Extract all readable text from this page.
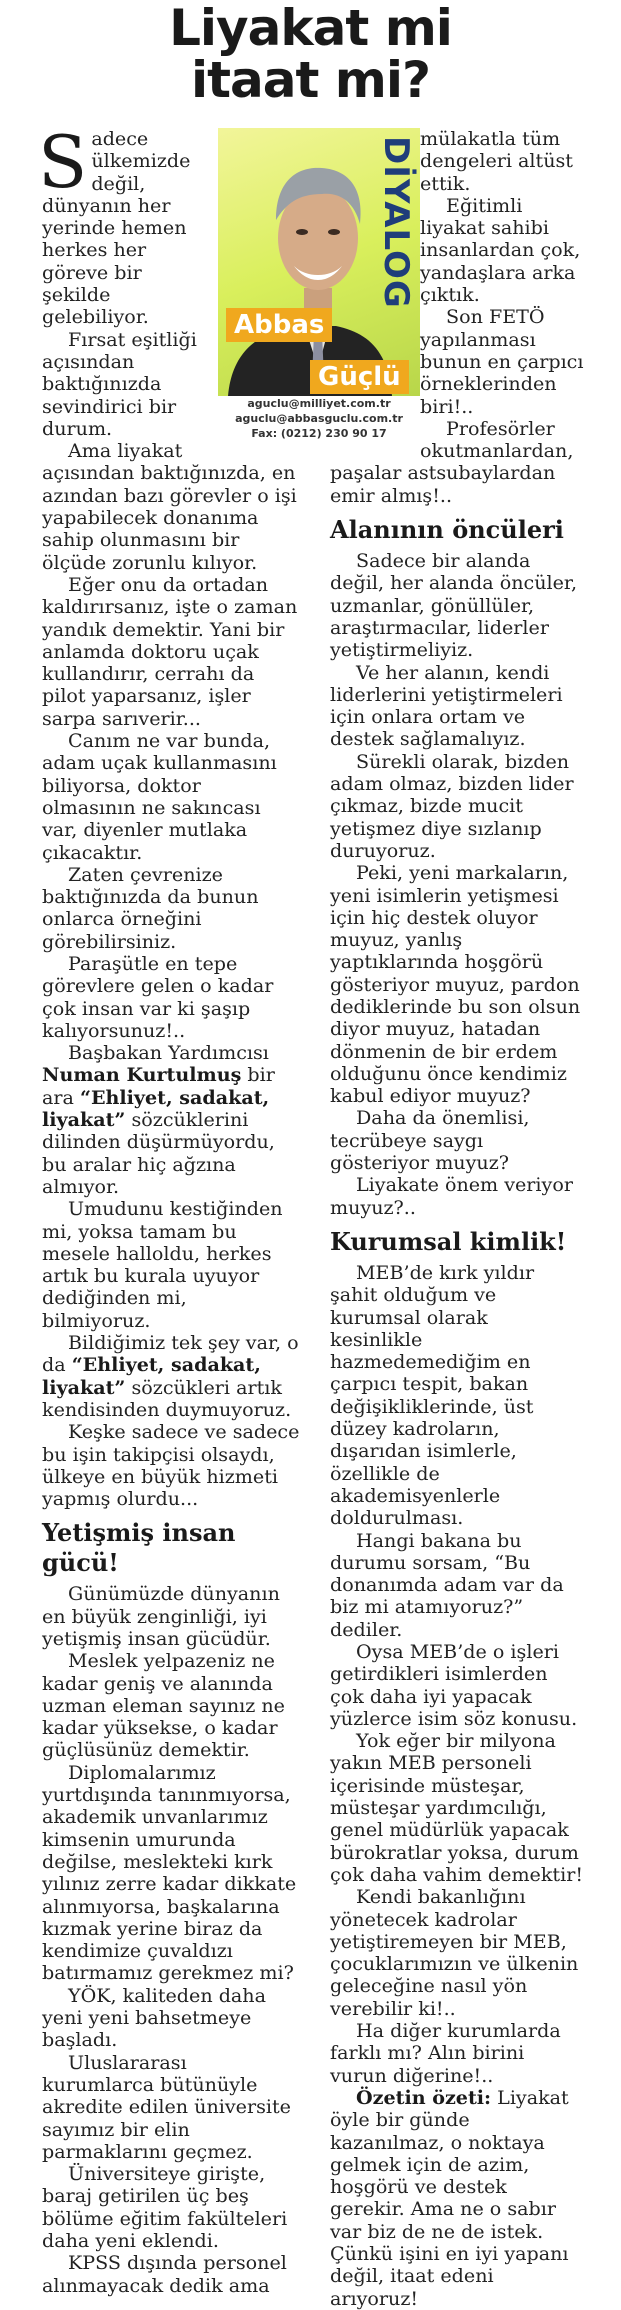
Liyakat mi
itaat mi?
DİYALOG
Abbas
Güçlü
aguclu@milliyet.com.tr
aguclu@abbasguclu.com.tr
Fax: (0212) 230 90 17

Sadece ülkemizde değil, dünyanın her yerinde hemen herkes her göreve bir şekilde gelebiliyor.

Fırsat eşitliği açısından baktığınızda sevindirici bir durum.

Ama liyakat açısından baktığınızda, en azından bazı görevler o işi yapabilecek donanıma sahip olunmasını bir ölçüde zorunlu kılıyor.

Eğer onu da ortadan kaldırırsanız, işte o zaman yandık demektir. Yani bir anlamda doktoru uçak kullandırır, cerrahı da pilot yaparsanız, işler sarpa sarıverir...

Canım ne var bunda, adam uçak kullanmasını biliyorsa, doktor olmasının ne sakıncası var, diyenler mutlaka çıkacaktır.

Zaten çevrenize baktığınızda da bunun onlarca örneğini görebilirsiniz.

Paraşütle en tepe görevlere gelen o kadar çok insan var ki şaşıp kalıyorsunuz!..

Başbakan Yardımcısı
Numan Kurtulmuş bir ara “Ehliyet, sadakat, liyakat” sözcüklerini dilinden düşürmüyordu, bu aralar hiç ağzına almıyor.

Umudunu kestiğinden mi, yoksa tamam bu mesele halloldu, herkes artık bu kurala uyuyor dediğinden mi, bilmiyoruz.

Bildiğimiz tek şey var, o da “Ehliyet, sadakat, liyakat” sözcükleri artık kendisinden duymuyoruz.

Keşke sadece ve sadece bu işin takipçisi olsaydı, ülkeye en büyük hizmeti yapmış olurdu...

Yetişmiş insan gücü!

Günümüzde dünyanın en büyük zenginliği, iyi yetişmiş insan gücüdür.

Meslek yelpazeniz ne kadar geniş ve alanında uzman eleman sayınız ne kadar yüksekse, o kadar güçlüsünüz demektir.

Diplomalarımız yurtdışında tanınmıyorsa, akademik unvanlarımız kimsenin umurunda değilse, meslekteki kırk yılınız zerre kadar dikkate alınmıyorsa, başkalarına kızmak yerine biraz da kendimize çuvaldızı batırmamız gerekmez mi?

YÖK, kaliteden daha yeni yeni bahsetmeye başladı.

Uluslararası kurumlarca bütünüyle akredite edilen üniversite sayımız bir elin parmaklarını geçmez.

Üniversiteye girişte, baraj getirilen üç beş bölüme eğitim fakülteleri daha yeni eklendi.

KPSS dışında personel alınmayacak dedik ama

mülakatla tüm dengeleri altüst ettik.

Eğitimli liyakat sahibi insanlardan çok, yandaşlara arka çıktık.

Son FETÖ yapılanması bunun en çarpıcı örneklerinden biri!..

Profesörler okutmanlardan, paşalar astsubaylardan emir almış!..

Alanının öncüleri

Sadece bir alanda değil, her alanda öncüler, uzmanlar, gönüllüler, araştırmacılar, liderler yetiştirmeliyiz.

Ve her alanın, kendi liderlerini yetiştirmeleri için onlara ortam ve destek sağlamalıyız.

Sürekli olarak, bizden adam olmaz, bizden lider çıkmaz, bizde mucit yetişmez diye sızlanıp duruyoruz.

Peki, yeni markaların, yeni isimlerin yetişmesi için hiç destek oluyor muyuz, yanlış yaptıklarında hoşgörü gösteriyor muyuz, pardon dediklerinde bu son olsun diyor muyuz, hatadan dönmenin de bir erdem olduğunu önce kendimiz kabul ediyor muyuz?

Daha da önemlisi, tecrübeye saygı gösteriyor muyuz?

Liyakate önem veriyor muyuz?..

Kurumsal kimlik!

MEB’de kırk yıldır şahit olduğum ve kurumsal olarak kesinlikle hazmedemediğim en çarpıcı tespit, bakan değişikliklerinde, üst düzey kadroların, dışarıdan isimlerle, özellikle de akademisyenlerle doldurulması.

Hangi bakana bu durumu sorsam, “Bu donanımda adam var da biz mi atamıyoruz?” dediler.

Oysa MEB’de o işleri getirdikleri isimlerden çok daha iyi yapacak yüzlerce isim söz konusu.

Yok eğer bir milyona yakın MEB personeli içerisinde müsteşar, müsteşar yardımcılığı, genel müdürlük yapacak bürokratlar yoksa, durum çok daha vahim demektir!

Kendi bakanlığını yönetecek kadrolar yetiştiremeyen bir MEB, çocuklarımızın ve ülkenin geleceğine nasıl yön verebilir ki!..

Ha diğer kurumlarda farklı mı? Alın birini vurun diğerine!..

Özetin özeti: Liyakat öyle bir günde kazanılmaz, o noktaya gelmek için de azim, hoşgörü ve destek gerekir. Ama ne o sabır var biz de ne de istek. Çünkü işini en iyi yapanı değil, itaat edeni arıyoruz!
